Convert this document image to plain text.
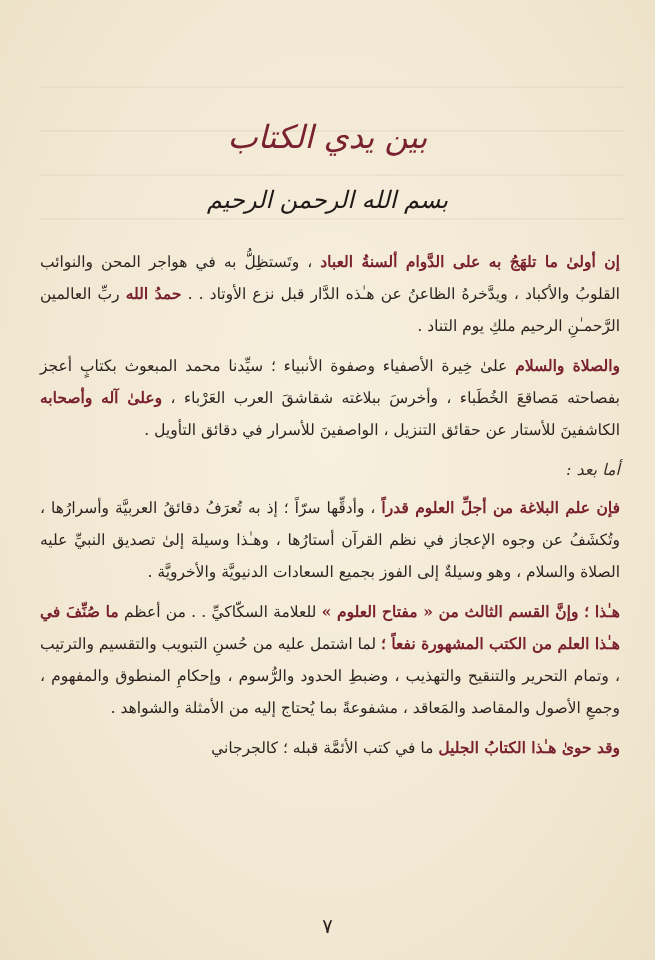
بين يدي الكتاب
بسم الله الرحمن الرحيم

إن أولىٰ ما تلهَجُ به على الدَّوام ألسنةُ العباد ، وتَستظِلُّ به في هواجر المحن والنوائب القلوبُ والأكباد ، ويدَّخرهُ الظاعنُ عن هـٰذه الدَّار قبل نزع الأوتاد . . حمدُ الله ربِّ العالمين الرَّحمـٰنِ الرحيم ملكِ يوم التناد .

والصلاة والسلام علىٰ خِيرة الأصفياء وصفوة الأنبياء ؛ سيِّدنا محمد المبعوث بكتابٍ أعجز بفصاحته مَصاقعَ الخُطَباء ، وأخرسَ ببلاغته شقاشقَ العرب العَرْباء ، وعلىٰ آله وأصحابه الكاشفينَ للأستار عن حقائق التنزيل ، الواصفينَ للأسرار في دقائق التأويل .

أما بعد :

فإن علم البلاغة من أجلِّ العلوم قدراً ، وأدقِّها سرّاً ؛ إذ به تُعرَفُ دقائقُ العربيَّة وأسرارُها ، وتُكشَفُ عن وجوه الإعجاز في نظم القرآن أستارُها ، وهـٰذا وسيلة إلىٰ تصديق النبيِّ عليه الصلاة والسلام ، وهو وسيلةٌ إلى الفوز بجميع السعادات الدنيويَّة والأخرويَّة .

هـٰذا ؛ وإنَّ القسم الثالث من « مفتاح العلوم » للعلامة السكّاكيِّ . . من أعظم ما صُنِّفَ في هـٰذا العلم من الكتب المشهورة نفعاً ؛ لما اشتمل عليه من حُسنِ التبويب والتقسيم والترتيب ، وتمام التحرير والتنقيح والتهذيب ، وضبطِ الحدود والرُّسوم ، وإحكامِ المنطوق والمفهوم ، وجمعِ الأصول والمقاصد والمَعاقد ، مشفوعةً بما يُحتاج إليه من الأمثلة والشواهد .

وقد حوىٰ هـٰذا الكتابُ الجليل ما في كتب الأئمَّة قبله ؛ كالجرجاني

٧
